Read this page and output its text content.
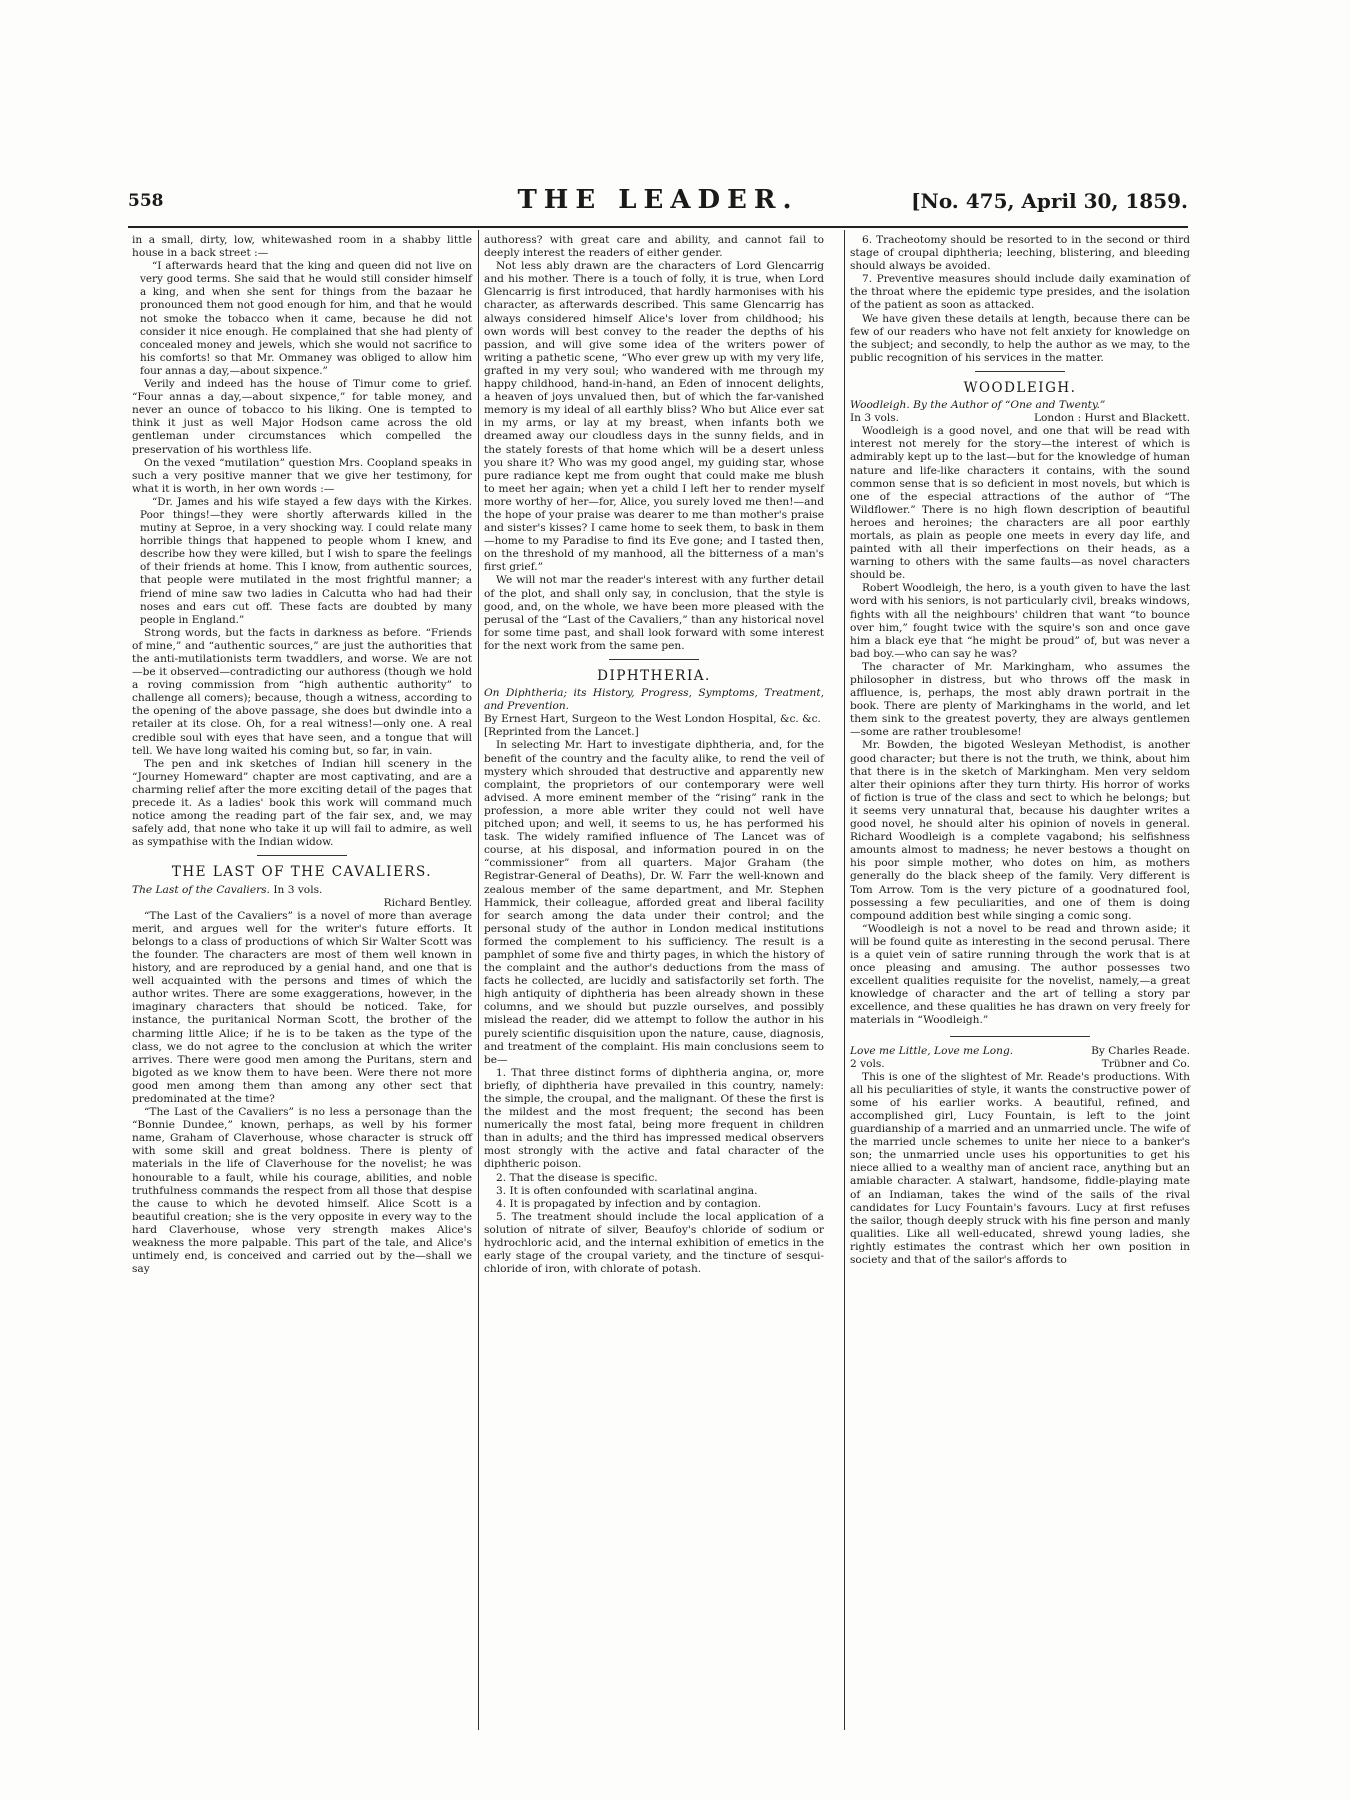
558	THE LEADER.	[No. 475, April 30, 1859.

in a small, dirty, low, whitewashed room in a shabby little house in a back street :—

“I afterwards heard that the king and queen did not live on very good terms. She said that he would still consider himself a king, and when she sent for things from the bazaar he pronounced them not good enough for him, and that he would not smoke the tobacco when it came, because he did not consider it nice enough. He complained that she had plenty of concealed money and jewels, which she would not sacrifice to his comforts! so that Mr. Ommaney was obliged to allow him four annas a day,—about sixpence.”

Verily and indeed has the house of Timur come to grief. “Four annas a day,—about sixpence,” for table money, and never an ounce of tobacco to his liking. One is tempted to think it just as well Major Hodson came across the old gentleman under circumstances which compelled the preservation of his worthless life.

On the vexed “mutilation” question Mrs. Coopland speaks in such a very positive manner that we give her testimony, for what it is worth, in her own words :—

“Dr. James and his wife stayed a few days with the Kirkes. Poor things!—they were shortly afterwards killed in the mutiny at Seproe, in a very shocking way. I could relate many horrible things that happened to people whom I knew, and describe how they were killed, but I wish to spare the feelings of their friends at home. This I know, from authentic sources, that people were mutilated in the most frightful manner; a friend of mine saw two ladies in Calcutta who had had their noses and ears cut off. These facts are doubted by many people in England.”

Strong words, but the facts in darkness as before. “Friends of mine,” and “authentic sources,” are just the authorities that the anti-mutilationists term twaddlers, and worse. We are not—be it observed—contradicting our authoress (though we hold a roving commission from “high authentic authority” to challenge all comers); because, though a witness, according to the opening of the above passage, she does but dwindle into a retailer at its close. Oh, for a real witness!—only one. A real credible soul with eyes that have seen, and a tongue that will tell. We have long waited his coming but, so far, in vain.

The pen and ink sketches of Indian hill scenery in the “Journey Homeward” chapter are most captivating, and are a charming relief after the more exciting detail of the pages that precede it. As a ladies' book this work will command much notice among the reading part of the fair sex, and, we may safely add, that none who take it up will fail to admire, as well as sympathise with the Indian widow.

THE LAST OF THE CAVALIERS.

The Last of the Cavaliers. In 3 vols.

Richard Bentley.

“The Last of the Cavaliers” is a novel of more than average merit, and argues well for the writer's future efforts. It belongs to a class of productions of which Sir Walter Scott was the founder. The characters are most of them well known in history, and are reproduced by a genial hand, and one that is well acquainted with the persons and times of which the author writes. There are some exaggerations, however, in the imaginary characters that should be noticed. Take, for instance, the puritanical Norman Scott, the brother of the charming little Alice; if he is to be taken as the type of the class, we do not agree to the conclusion at which the writer arrives. There were good men among the Puritans, stern and bigoted as we know them to have been. Were there not more good men among them than among any other sect that predominated at the time?

“The Last of the Cavaliers” is no less a personage than the “Bonnie Dundee,” known, perhaps, as well by his former name, Graham of Claverhouse, whose character is struck off with some skill and great boldness. There is plenty of materials in the life of Claverhouse for the novelist; he was honourable to a fault, while his courage, abilities, and noble truthfulness commands the respect from all those that despise the cause to which he devoted himself. Alice Scott is a beautiful creation; she is the very opposite in every way to the hard Claverhouse, whose very strength makes Alice's weakness the more palpable. This part of the tale, and Alice's untimely end, is conceived and carried out by the—shall we say

authoress? with great care and ability, and cannot fail to deeply interest the readers of either gender.

Not less ably drawn are the characters of Lord Glencarrig and his mother. There is a touch of folly, it is true, when Lord Glencarrig is first introduced, that hardly harmonises with his character, as afterwards described. This same Glencarrig has always considered himself Alice's lover from childhood; his own words will best convey to the reader the depths of his passion, and will give some idea of the writers power of writing a pathetic scene, “Who ever grew up with my very life, grafted in my very soul; who wandered with me through my happy childhood, hand-in-hand, an Eden of innocent delights, a heaven of joys unvalued then, but of which the far-vanished memory is my ideal of all earthly bliss? Who but Alice ever sat in my arms, or lay at my breast, when infants both we dreamed away our cloudless days in the sunny fields, and in the stately forests of that home which will be a desert unless you share it? Who was my good angel, my guiding star, whose pure radiance kept me from ought that could make me blush to meet her again; when yet a child I left her to render myself more worthy of her—for, Alice, you surely loved me then!—and the hope of your praise was dearer to me than mother's praise and sister's kisses? I came home to seek them, to bask in them—home to my Paradise to find its Eve gone; and I tasted then, on the threshold of my manhood, all the bitterness of a man's first grief.”

We will not mar the reader's interest with any further detail of the plot, and shall only say, in conclusion, that the style is good, and, on the whole, we have been more pleased with the perusal of the “Last of the Cavaliers,” than any historical novel for some time past, and shall look forward with some interest for the next work from the same pen.

DIPHTHERIA.

On Diphtheria; its History, Progress, Symptoms, Treatment, and Prevention.

By Ernest Hart, Surgeon to the West London Hospital, &c. &c.

[Reprinted from the Lancet.]

In selecting Mr. Hart to investigate diphtheria, and, for the benefit of the country and the faculty alike, to rend the veil of mystery which shrouded that destructive and apparently new complaint, the proprietors of our contemporary were well advised. A more eminent member of the “rising” rank in the profession, a more able writer they could not well have pitched upon; and well, it seems to us, he has performed his task. The widely ramified influence of The Lancet was of course, at his disposal, and information poured in on the “commissioner” from all quarters. Major Graham (the Registrar-General of Deaths), Dr. W. Farr the well-known and zealous member of the same department, and Mr. Stephen Hammick, their colleague, afforded great and liberal facility for search among the data under their control; and the personal study of the author in London medical institutions formed the complement to his sufficiency. The result is a pamphlet of some five and thirty pages, in which the history of the complaint and the author's deductions from the mass of facts he collected, are lucidly and satisfactorily set forth. The high antiquity of diphtheria has been already shown in these columns, and we should but puzzle ourselves, and possibly mislead the reader, did we attempt to follow the author in his purely scientific disquisition upon the nature, cause, diagnosis, and treatment of the complaint. His main conclusions seem to be—

1. That three distinct forms of diphtheria angina, or, more briefly, of diphtheria have prevailed in this country, namely: the simple, the croupal, and the malignant. Of these the first is the mildest and the most frequent; the second has been numerically the most fatal, being more frequent in children than in adults; and the third has impressed medical observers most strongly with the active and fatal character of the diphtheric poison.

2. That the disease is specific.

3. It is often confounded with scarlatinal angina.

4. It is propagated by infection and by contagion.

5. The treatment should include the local application of a solution of nitrate of silver, Beaufoy's chloride of sodium or hydrochloric acid, and the internal exhibition of emetics in the early stage of the croupal variety, and the tincture of sesqui-chloride of iron, with chlorate of potash.

6. Tracheotomy should be resorted to in the second or third stage of croupal diphtheria; leeching, blistering, and bleeding should always be avoided.

7. Preventive measures should include daily examination of the throat where the epidemic type presides, and the isolation of the patient as soon as attacked.

We have given these details at length, because there can be few of our readers who have not felt anxiety for knowledge on the subject; and secondly, to help the author as we may, to the public recognition of his services in the matter.

WOODLEIGH.

Woodleigh. By the Author of “One and Twenty.”

In 3 vols.	London : Hurst and Blackett.

Woodleigh is a good novel, and one that will be read with interest not merely for the story—the interest of which is admirably kept up to the last—but for the knowledge of human nature and life-like characters it contains, with the sound common sense that is so deficient in most novels, but which is one of the especial attractions of the author of “The Wildflower.” There is no high flown description of beautiful heroes and heroines; the characters are all poor earthly mortals, as plain as people one meets in every day life, and painted with all their imperfections on their heads, as a warning to others with the same faults—as novel characters should be.

Robert Woodleigh, the hero, is a youth given to have the last word with his seniors, is not particularly civil, breaks windows, fights with all the neighbours' children that want “to bounce over him,” fought twice with the squire's son and once gave him a black eye that “he might be proud” of, but was never a bad boy.—who can say he was?

The character of Mr. Markingham, who assumes the philosopher in distress, but who throws off the mask in affluence, is, perhaps, the most ably drawn portrait in the book. There are plenty of Markinghams in the world, and let them sink to the greatest poverty, they are always gentlemen—some are rather troublesome!

Mr. Bowden, the bigoted Wesleyan Methodist, is another good character; but there is not the truth, we think, about him that there is in the sketch of Markingham. Men very seldom alter their opinions after they turn thirty. His horror of works of fiction is true of the class and sect to which he belongs; but it seems very unnatural that, because his daughter writes a good novel, he should alter his opinion of novels in general. Richard Woodleigh is a complete vagabond; his selfishness amounts almost to madness; he never bestows a thought on his poor simple mother, who dotes on him, as mothers generally do the black sheep of the family. Very different is Tom Arrow. Tom is the very picture of a goodnatured fool, possessing a few peculiarities, and one of them is doing compound addition best while singing a comic song.

“Woodleigh is not a novel to be read and thrown aside; it will be found quite as interesting in the second perusal. There is a quiet vein of satire running through the work that is at once pleasing and amusing. The author possesses two excellent qualities requisite for the novelist, namely,—a great knowledge of character and the art of telling a story par excellence, and these qualities he has drawn on very freely for materials in “Woodleigh.”

Love me Little, Love me Long.	By Charles Reade.

2 vols.	Trübner and Co.

This is one of the slightest of Mr. Reade's productions. With all his peculiarities of style, it wants the constructive power of some of his earlier works. A beautiful, refined, and accomplished girl, Lucy Fountain, is left to the joint guardianship of a married and an unmarried uncle. The wife of the married uncle schemes to unite her niece to a banker's son; the unmarried uncle uses his opportunities to get his niece allied to a wealthy man of ancient race, anything but an amiable character. A stalwart, handsome, fiddle-playing mate of an Indiaman, takes the wind of the sails of the rival candidates for Lucy Fountain's favours. Lucy at first refuses the sailor, though deeply struck with his fine person and manly qualities. Like all well-educated, shrewd young ladies, she rightly estimates the contrast which her own position in society and that of the sailor's affords to
